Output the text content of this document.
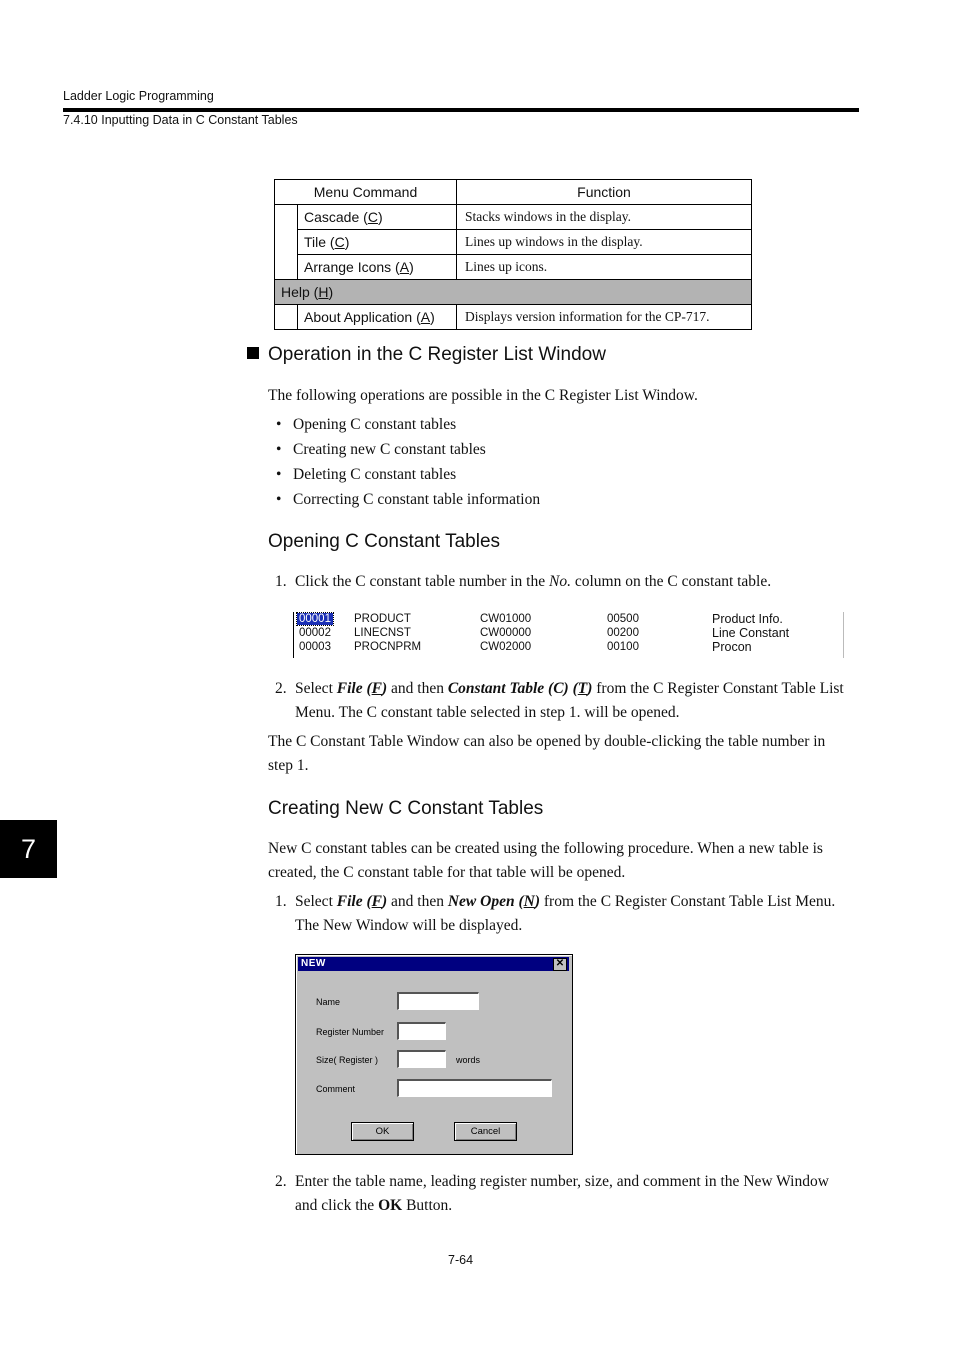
Ladder Logic Programming
7.4.10 Inputting Data in C Constant Tables
Menu Command		Function
	Cascade (C)	Stacks windows in the display.
	Tile (C)	Lines up windows in the display.
	Arrange Icons (A)	Lines up icons.
Help (H)		
	About Application (A)	Displays version information for the CP-717.
Operation in the C Register List Window
The following operations are possible in the C Register List Window.
• Opening C constant tables
• Creating new C constant tables
• Deleting C constant tables
• Correcting C constant table information
Opening C Constant Tables
1. Click the C constant table number in the No. column on the C constant table.
00001 PRODUCT	CW01000	00500	Product Info.
00002 LINECNST	CW00000	00200	Line Constant
00003 PROCNPRM	CW02000	00100	Procon
2. Select File (F) and then Constant Table (C) (T) from the C Register Constant Table List
Menu. The C constant table selected in step 1. will be opened.
The C Constant Table Window can also be opened by double-clicking the table number in
step 1.
Creating New C Constant Tables
New C constant tables can be created using the following procedure. When a new table is
created, the C constant table for that table will be opened.
1. Select File (F) and then New Open (N) from the C Register Constant Table List Menu.
The New Window will be displayed.
NEW	✕
Name
Register Number
Size( Register )	words
Comment
OK	Cancel
2. Enter the table name, leading register number, size, and comment in the New Window
and click the OK Button.
7
7-64
